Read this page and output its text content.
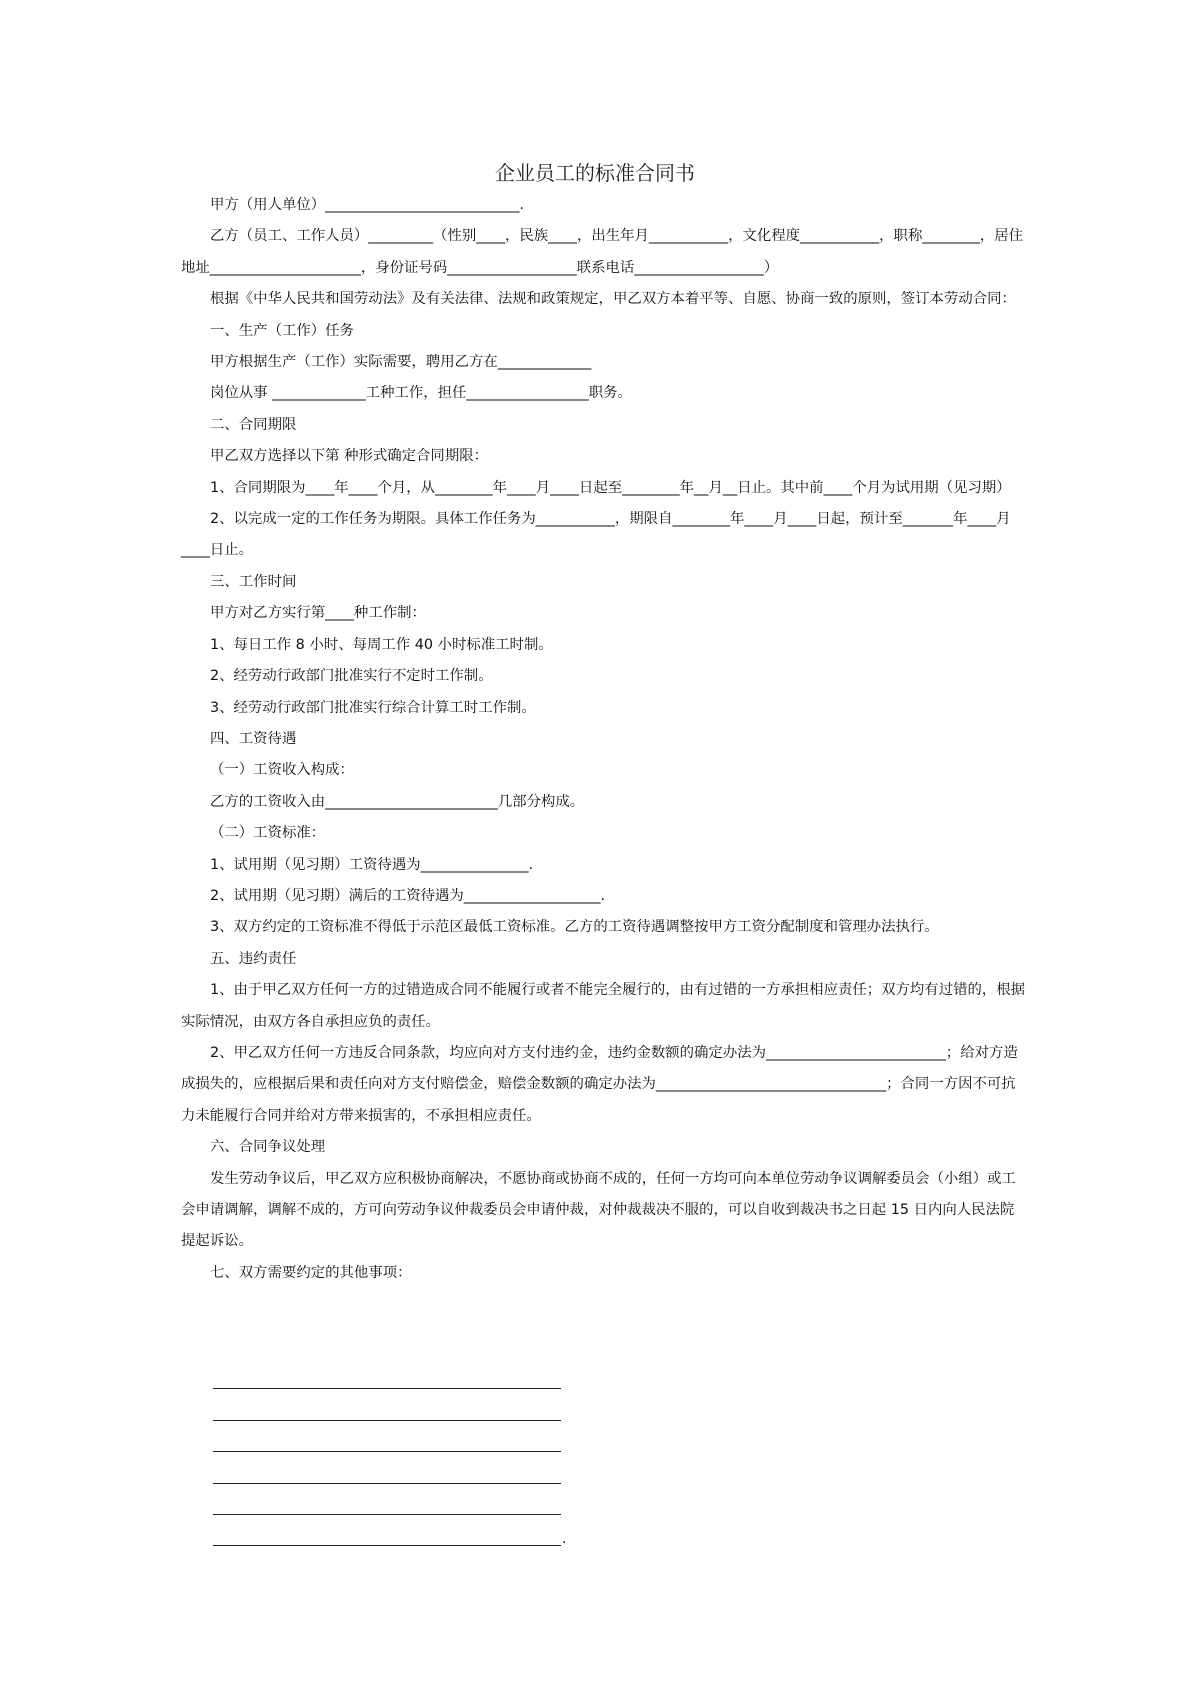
企业员工的标准合同书

甲方（用人单位）___________________________.

乙方（员工、工作人员）_________（性别____，民族____，出生年月___________，文化程度___________，职称________，居住地址_____________________，身份证号码__________________联系电话__________________）

根据《中华人民共和国劳动法》及有关法律、法规和政策规定，甲乙双方本着平等、自愿、协商一致的原则，签订本劳动合同：

一、生产（工作）任务

甲方根据生产（工作）实际需要，聘用乙方在_____________

岗位从事 _____________工种工作，担任_________________职务。

二、合同期限

甲乙双方选择以下第 种形式确定合同期限：

1、合同期限为____年____个月，从________年____月____日起至________年__月__日止。其中前____个月为试用期（见习期）

2、以完成一定的工作任务为期限。具体工作任务为___________，期限自________年____月____日起，预计至_______年____月____日止。

三、工作时间

甲方对乙方实行第____种工作制：

1、每日工作 8 小时、每周工作 40 小时标准工时制。

2、经劳动行政部门批准实行不定时工作制。

3、经劳动行政部门批准实行综合计算工时工作制。

四、工资待遇

（一）工资收入构成：

乙方的工资收入由________________________几部分构成。

（二）工资标准：

1、试用期（见习期）工资待遇为_______________.

2、试用期（见习期）满后的工资待遇为___________________.

3、双方约定的工资标准不得低于示范区最低工资标准。乙方的工资待遇调整按甲方工资分配制度和管理办法执行。

五、违约责任

1、由于甲乙双方任何一方的过错造成合同不能履行或者不能完全履行的，由有过错的一方承担相应责任；双方均有过错的，根据实际情况，由双方各自承担应负的责任。

2、甲乙双方任何一方违反合同条款，均应向对方支付违约金，违约金数额的确定办法为_________________________；给对方造成损失的，应根据后果和责任向对方支付赔偿金，赔偿金数额的确定办法为________________________________；合同一方因不可抗力未能履行合同并给对方带来损害的，不承担相应责任。

六、合同争议处理

发生劳动争议后，甲乙双方应积极协商解决，不愿协商或协商不成的，任何一方均可向本单位劳动争议调解委员会（小组）或工会申请调解，调解不成的，方可向劳动争议仲裁委员会申请仲裁，对仲裁裁决不服的，可以自收到裁决书之日起 15 日内向人民法院提起诉讼。

七、双方需要约定的其他事项：

.
